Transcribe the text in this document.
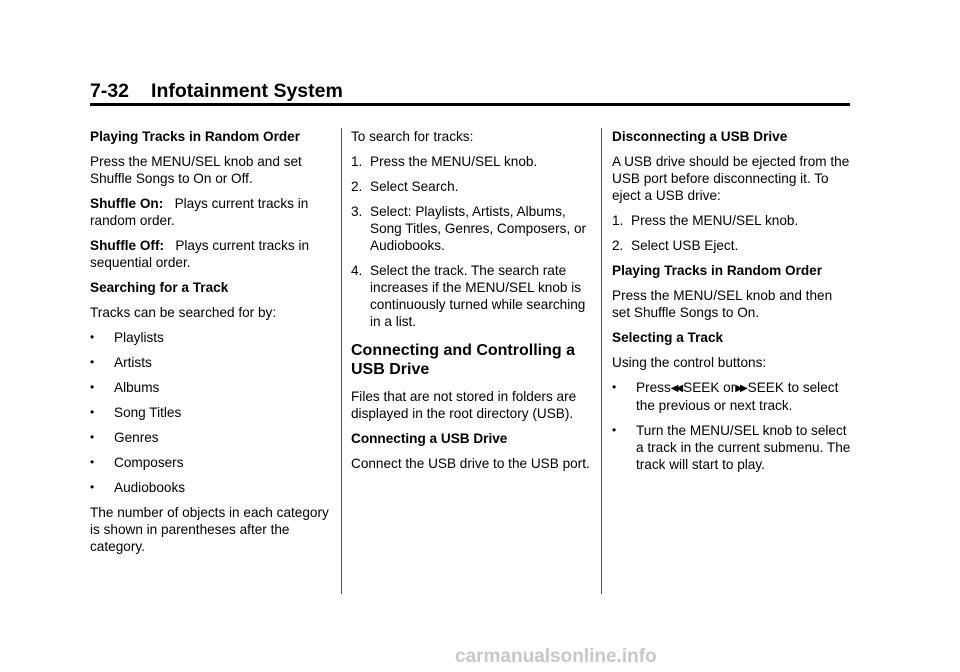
7-32 Infotainment System

Playing Tracks in Random Order

Press the MENU/SEL knob and set Shuffle Songs to On or Off.

Shuffle On: Plays current tracks in random order.

Shuffle Off: Plays current tracks in sequential order.

Searching for a Track

Tracks can be searched for by:

•	Playlists
•	Artists
•	Albums
•	Song Titles
•	Genres
•	Composers
•	Audiobooks

The number of objects in each category is shown in parentheses after the category.

To search for tracks:

1. Press the MENU/SEL knob.
2. Select Search.
3. Select: Playlists, Artists, Albums, Song Titles, Genres, Composers, or Audiobooks.
4. Select the track. The search rate increases if the MENU/SEL knob is continuously turned while searching in a list.
Connecting and Controlling a USB Drive

Files that are not stored in folders are displayed in the root directory (USB).

Connecting a USB Drive

Connect the USB drive to the USB port.

Disconnecting a USB Drive

A USB drive should be ejected from the USB port before disconnecting it. To eject a USB drive:

1. Press the MENU/SEL knob.
2. Select USB Eject.

Playing Tracks in Random Order

Press the MENU/SEL knob and then set Shuffle Songs to On.

Selecting a Track

Using the control buttons:

•	Press◀◀ SEEK or▶▶ SEEK to select the previous or next track.
•	Turn the MENU/SEL knob to select a track in the current submenu. The track will start to play.
carmanualsonline.info
